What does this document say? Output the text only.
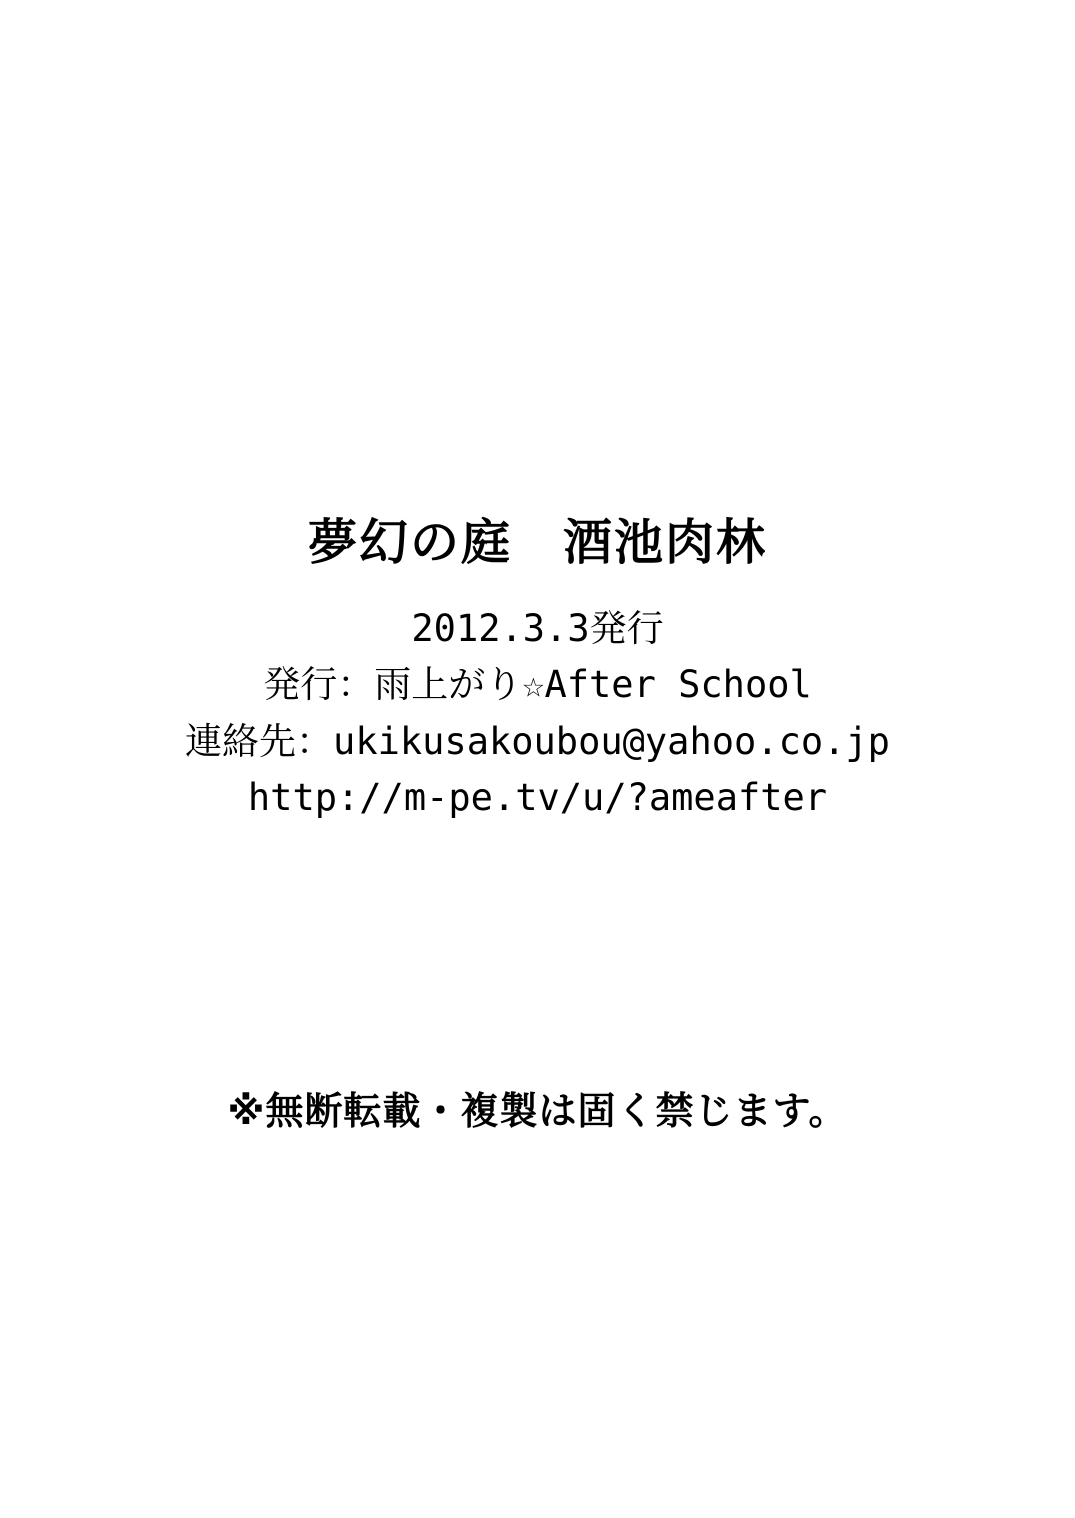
夢幻の庭　酒池肉林
2012.3.3発行
発行：雨上がり☆After School
連絡先：ukikusakoubou@yahoo.co.jp
http://m-pe.tv/u/?ameafter
※無断転載・複製は固く禁じます。
